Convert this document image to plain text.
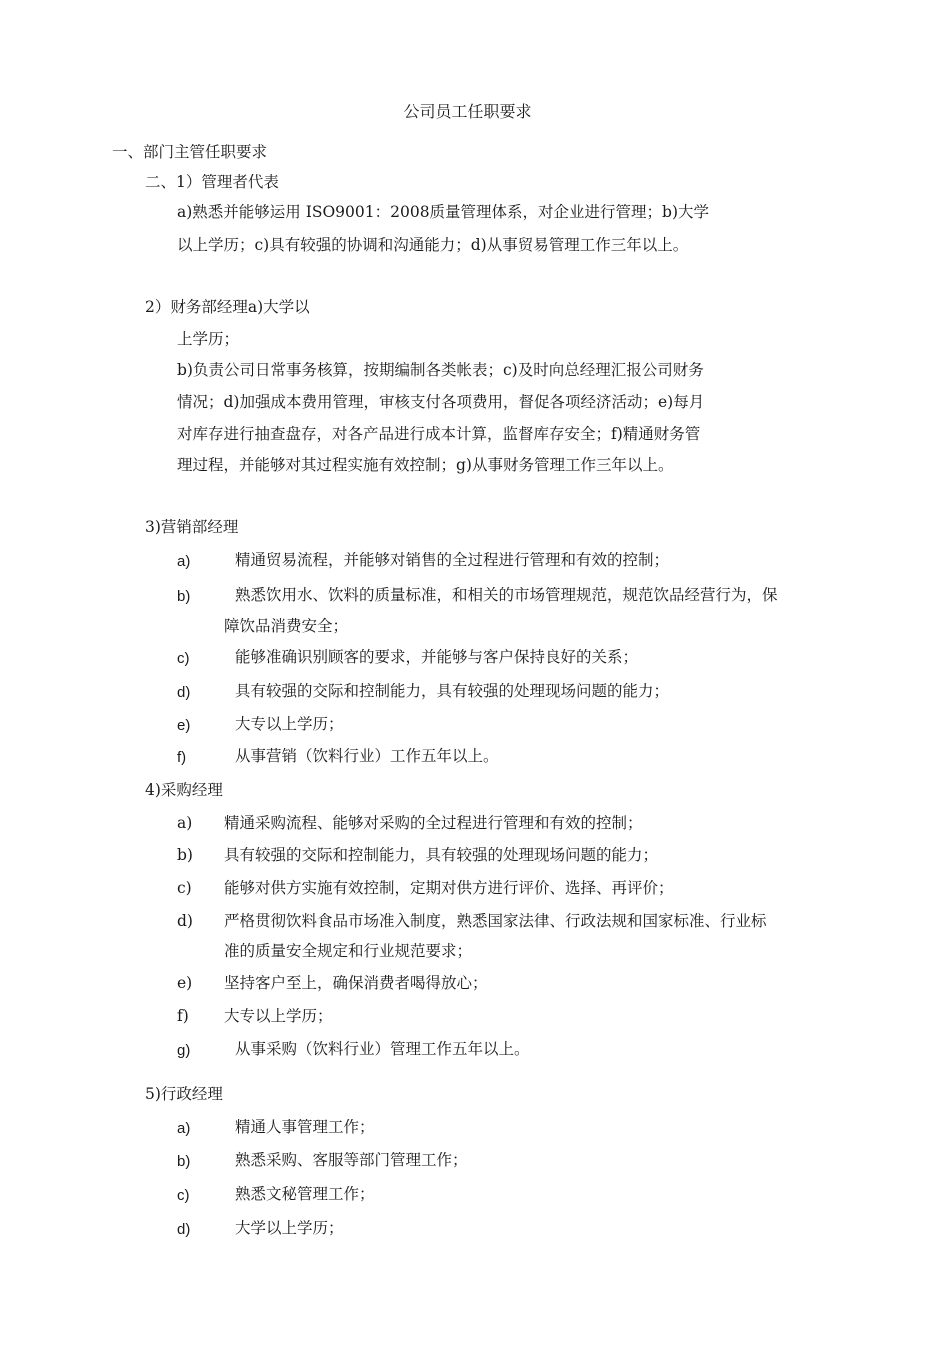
公司员工任职要求
一、部门主管任职要求
二、1）管理者代表
a)熟悉并能够运用 ISO9001：2008质量管理体系，对企业进行管理；b)大学
以上学历；c)具有较强的协调和沟通能力；d)从事贸易管理工作三年以上。
2）财务部经理a)大学以
上学历；
b)负责公司日常事务核算，按期编制各类帐表；c)及时向总经理汇报公司财务
情况；d)加强成本费用管理，审核支付各项费用，督促各项经济活动；e)每月
对库存进行抽查盘存，对各产品进行成本计算，监督库存安全；f)精通财务管
理过程，并能够对其过程实施有效控制；g)从事财务管理工作三年以上。
3)营销部经理
a)	精通贸易流程，并能够对销售的全过程进行管理和有效的控制；
b)	熟悉饮用水、饮料的质量标准，和相关的市场管理规范，规范饮品经营行为，保
障饮品消费安全；
c)	能够准确识别顾客的要求，并能够与客户保持良好的关系；
d)	具有较强的交际和控制能力，具有较强的处理现场问题的能力；
e)	大专以上学历；
f)	从事营销（饮料行业）工作五年以上。
4)采购经理
a) 精通采购流程、能够对采购的全过程进行管理和有效的控制；
b) 具有较强的交际和控制能力，具有较强的处理现场问题的能力；
c) 能够对供方实施有效控制，定期对供方进行评价、选择、再评价；
d) 严格贯彻饮料食品市场准入制度，熟悉国家法律、行政法规和国家标准、行业标
准的质量安全规定和行业规范要求；
e) 坚持客户至上，确保消费者喝得放心；
f) 大专以上学历；
g)	从事采购（饮料行业）管理工作五年以上。
5)行政经理
a)	精通人事管理工作；
b)	熟悉采购、客服等部门管理工作；
c)	熟悉文秘管理工作；
d)	大学以上学历；
